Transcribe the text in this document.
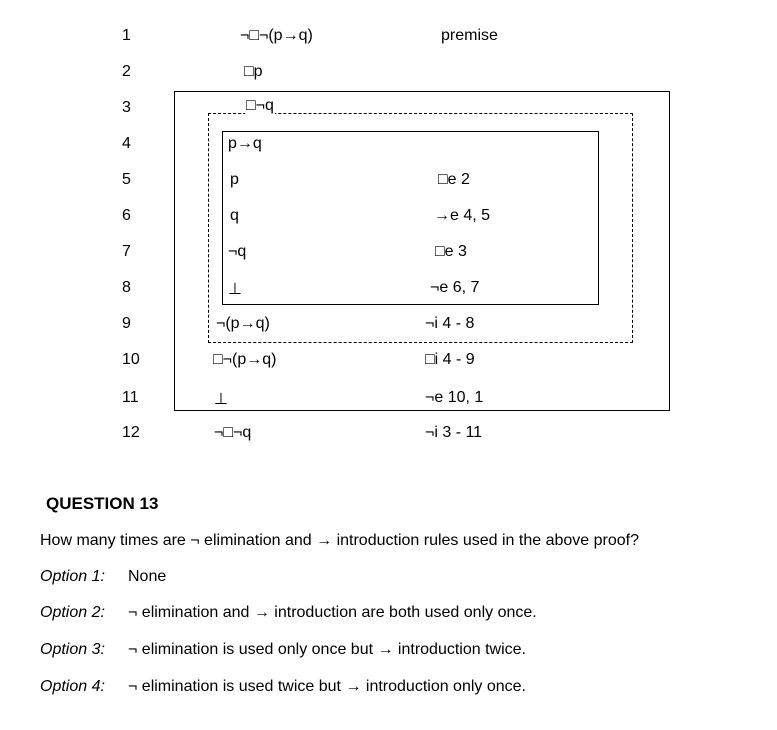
1
2
3
4
5
6
7
8
9
10
11
12
¬□¬(p→q)
□p
□¬q
p→q
p
q
¬q
⊥
¬(p→q)
□¬(p→q)
⊥
¬□¬q
premise
□e 2
→e 4, 5
□e 3
¬e 6, 7
¬i 4 - 8
□i 4 - 9
¬e 10, 1
¬i 3 - 11
QUESTION 13
How many times are ¬ elimination and → introduction rules used in the above proof?
Option 1: None
Option 2: ¬ elimination and → introduction are both used only once.
Option 3: ¬ elimination is used only once but → introduction twice.
Option 4: ¬ elimination is used twice but → introduction only once.
